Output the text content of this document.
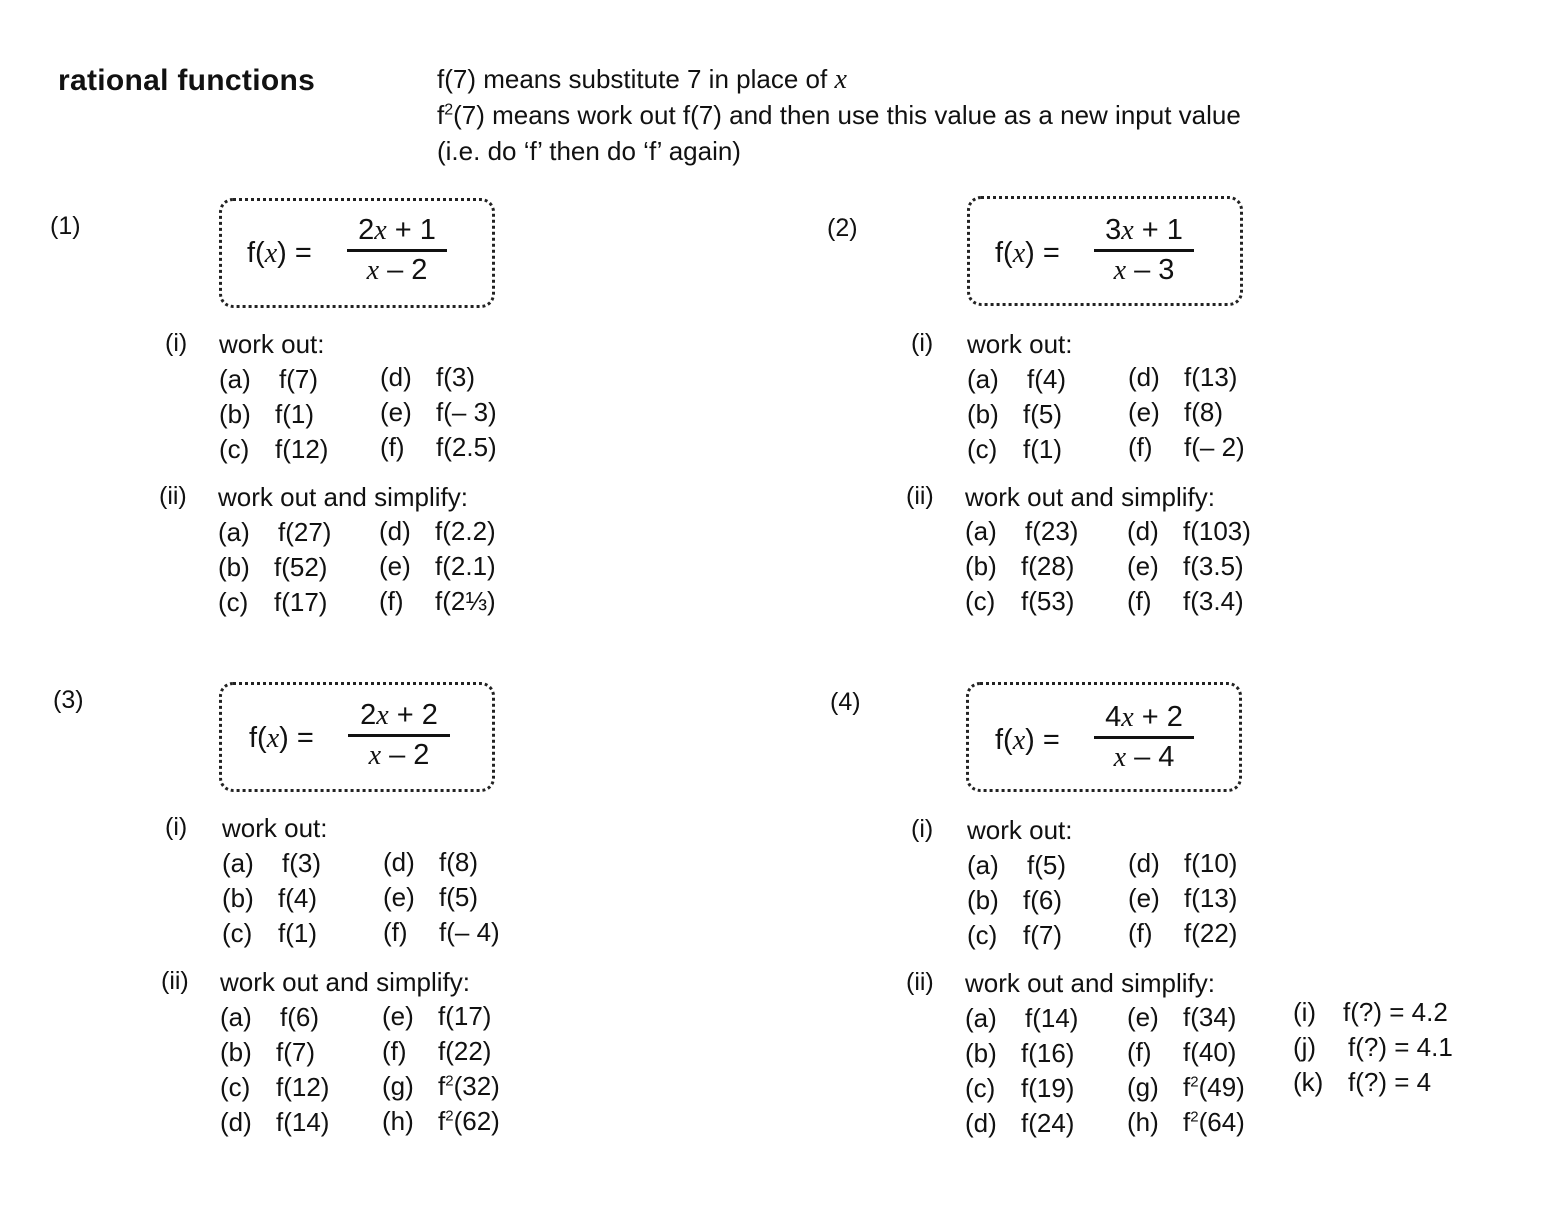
rational functions	f(7) means substitute 7 in place of x
$f^2(7)$ means work out f(7) and then use this value as a new input value
(i.e. do ‘f’ then do ‘f’ again)
(1)
$f(x) = \frac{2x + 1}{x - 2}$
(i) work out:
(a) f(7)
(b) f(1)
(c) f(12)
(d) f(3)
(e) f(– 3)
(f) f(2.5)
(ii) work out and simplify:
(a) f(27)
(b) f(52)
(c) f(17)
(d) f(2.2)
(e) f(2.1)
(f) f(2⅓)
(2)
$f(x) = \frac{3x + 1}{x - 3}$
(i) work out:
(a) f(4)
(b) f(5)
(c) f(1)
(d) f(13)
(e) f(8)
(f) f(– 2)
(ii) work out and simplify:
(a) f(23)
(b) f(28)
(c) f(53)
(d) f(103)
(e) f(3.5)
(f) f(3.4)
(3)
$f(x) = \frac{2x + 2}{x - 2}$
(i) work out:
(a) f(3)
(b) f(4)
(c) f(1)
(d) f(8)
(e) f(5)
(f) f(– 4)
(ii) work out and simplify:
(a) f(6)
(b) f(7)
(c) f(12)
(d) f(14)
(e) f(17)
(f) f(22)
(g) $f^2(32)$
(h) $f^2(62)$
(4)
$f(x) = \frac{4x + 2}{x - 4}$
(i) work out:
(a) f(5)
(b) f(6)
(c) f(7)
(d) f(10)
(e) f(13)
(f) f(22)
(ii) work out and simplify:
(a) f(14)
(b) f(16)
(c) f(19)
(d) f(24)
(e) f(34)
(f) f(40)
(g) $f^2(49)$
(h) $f^2(64)$
(i) f(?) = 4.2
(j) f(?) = 4.1
(k) f(?) = 4
